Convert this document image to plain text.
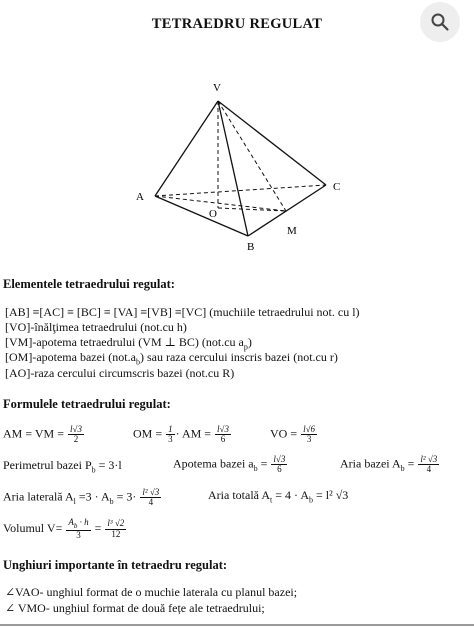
TETRAEDRU REGULAT
V
A
B
C
O
M
Elementele tetraedrului regulat:
[AB] ≡[AC] ≡ [BC] ≡ [VA] ≡[VB] ≡[VC] (muchiile tetraedrului not. cu l)
[VO]-înălţimea tetraedrului (not.cu h)
[VM]-apotema tetraedrului (VM ⊥ BC) (not.cu $a_p$)
[OM]-apotema bazei $(not.a_b)$ sau raza cercului inscris bazei (not.cu r)
[AO]-raza cercului circumscris bazei (not.cu R)
Formulele tetraedrului regulat:
AM = VM = $\frac{l√3}{2}$	OM = $\frac{1}{3}$ · AM = $\frac{l√3}{6}$	VO = $\frac{l√6}{3}$
Perimetrul bazei $P_b = 3\cdot l$	Apotema bazei $a_b = \frac{l√3}{6}$	Aria bazei $A_b = \frac{\text{l² √3}}{4}$
Aria laterală $A_l =3 \cdot A_b = 3\cdot \frac{\text{l² √3}}{4}$	Aria totală $A_t = 4 \cdot A_b = l^2$ √3
Volumul $V= \frac{A_b \cdot h}{3} = \frac{\text{l³ √2}}{12}$
Unghiuri importante în tetraedru regulat:
∠VAO- unghiul format de o muchie laterala cu planul bazei;
∠ VMO- unghiul format de două fețe ale tetraedrului;
